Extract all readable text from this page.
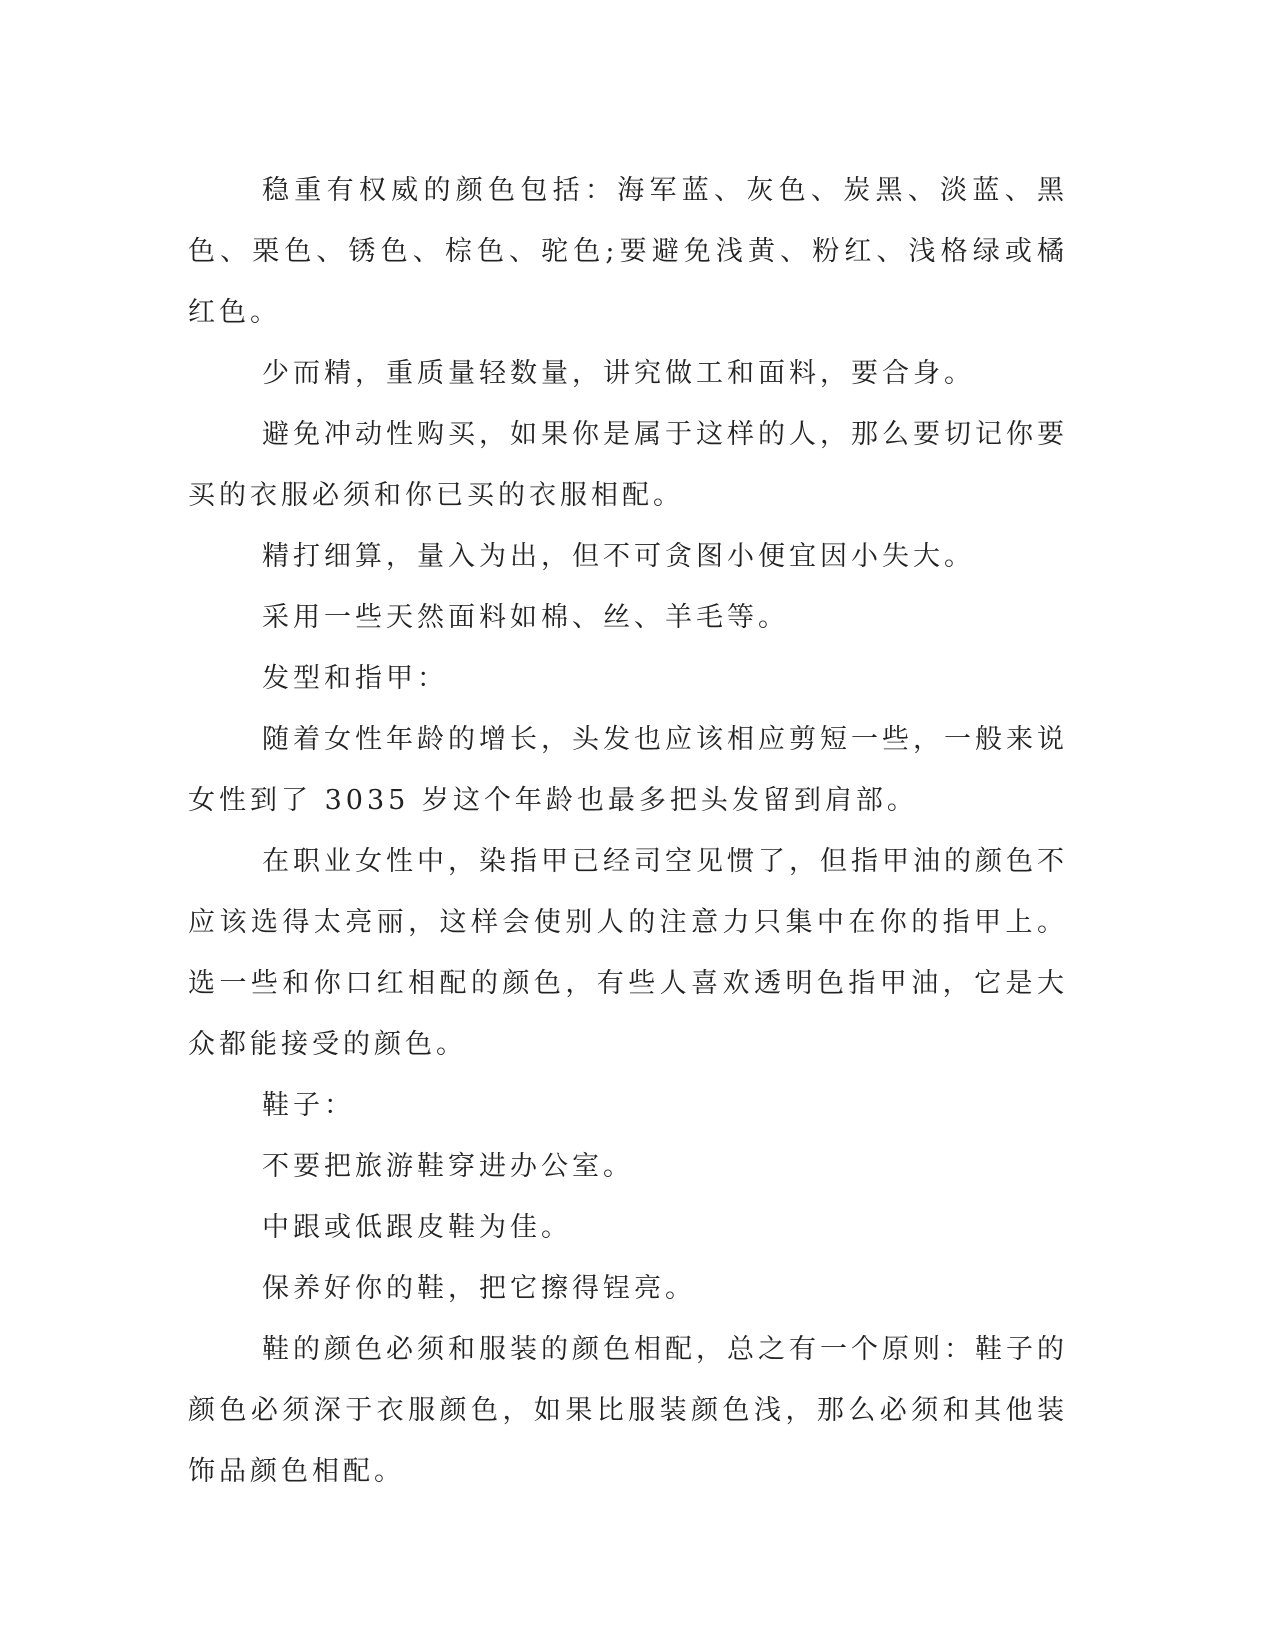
稳重有权威的颜色包括：海军蓝、灰色、炭黑、淡蓝、黑色、栗色、锈色、棕色、驼色;要避免浅黄、粉红、浅格绿或橘红色。

少而精，重质量轻数量，讲究做工和面料，要合身。

避免冲动性购买，如果你是属于这样的人，那么要切记你要买的衣服必须和你已买的衣服相配。

精打细算，量入为出，但不可贪图小便宜因小失大。

采用一些天然面料如棉、丝、羊毛等。

发型和指甲：

随着女性年龄的增长，头发也应该相应剪短一些，一般来说女性到了 3035 岁这个年龄也最多把头发留到肩部。

在职业女性中，染指甲已经司空见惯了，但指甲油的颜色不应该选得太亮丽，这样会使别人的注意力只集中在你的指甲上。选一些和你口红相配的颜色，有些人喜欢透明色指甲油，它是大众都能接受的颜色。

鞋子：

不要把旅游鞋穿进办公室。

中跟或低跟皮鞋为佳。

保养好你的鞋，把它擦得锃亮。

鞋的颜色必须和服装的颜色相配，总之有一个原则：鞋子的颜色必须深于衣服颜色，如果比服装颜色浅，那么必须和其他装饰品颜色相配。
